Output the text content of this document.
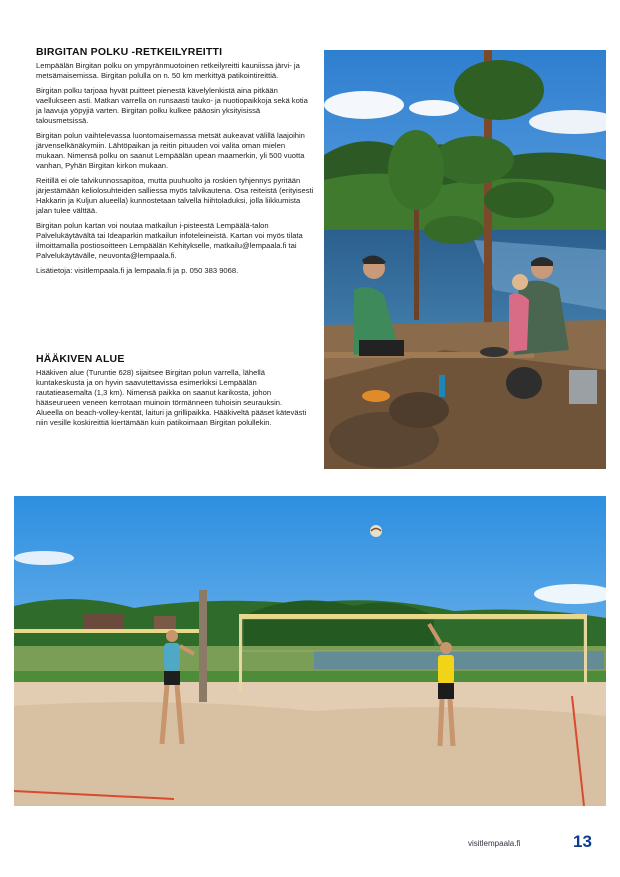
BIRGITAN POLKU -RETKEILYREITTI

Lempäälän Birgitan polku on ympyränmuotoinen retkeilyreitti kauniissa järvi- ja metsämaisemissa. Birgitan polulla on n. 50 km merkittyä patikointireittiä.

Birgitan polku tarjoaa hyvät puitteet pienestä kävelylenkistä aina pitkään vaellukseen asti. Matkan varrella on runsaasti tauko- ja nuotiopaikkoja sekä kotia ja laavuja yöpyjiä varten. Birgitan polku kulkee pääosin yksityisissä talousmetsissä.

Birgitan polun vaihtelevassa luontomaisemassa metsät aukeavat välillä laajoihin järvenselkänäkymiin. Lähtöpaikan ja reitin pituuden voi valita oman mielen mukaan. Nimensä polku on saanut Lempäälän upean maamerkin, yli 500 vuotta vanhan, Pyhän Birgitan kirkon mukaan.

Reitillä ei ole talvikunnossapitoa, mutta puuhuolto ja roskien tyhjennys pyritään järjestämään keliolosuhteiden salliessa myös talvikautena. Osa reiteistä (erityisesti Hakkarin ja Kuljun alueella) kunnostetaan talvella hiihtoladuksi, jolla liikkumista jalan tulee välttää.

Birgitan polun kartan voi noutaa matkailun i-pisteestä Lempäälä-talon Palvelukäytävältä tai Ideaparkin matkailun infoteleineistä. Kartan voi myös tilata ilmoittamalla postiosoitteen Lempäälän Kehitykselle, matkailu@lempaala.fi tai Palvelukäytävälle, neuvonta@lempaala.fi.

Lisätietoja: visitlempaala.fi ja lempaala.fi ja p. 050 383 9068.

HÄÄKIVEN ALUE

Hääkiven alue (Turuntie 628) sijaitsee Birgitan polun varrella, lähellä kuntakeskusta ja on hyvin saavutettavissa esimerkiksi Lempäälän rautatieasemalta (1,3 km). Nimensä paikka on saanut karikosta, johon hääseurueen veneen kerrotaan muinoin törmänneen tuhoisin seurauksin.
Alueella on beach-volley-kentät, laituri ja grillipaikka. Hääkiveltä pääset kätevästi niin vesille koskireittiä kiertämään kuin patikoimaan Birgitan polullekin.

visitlempaala.fi	13
